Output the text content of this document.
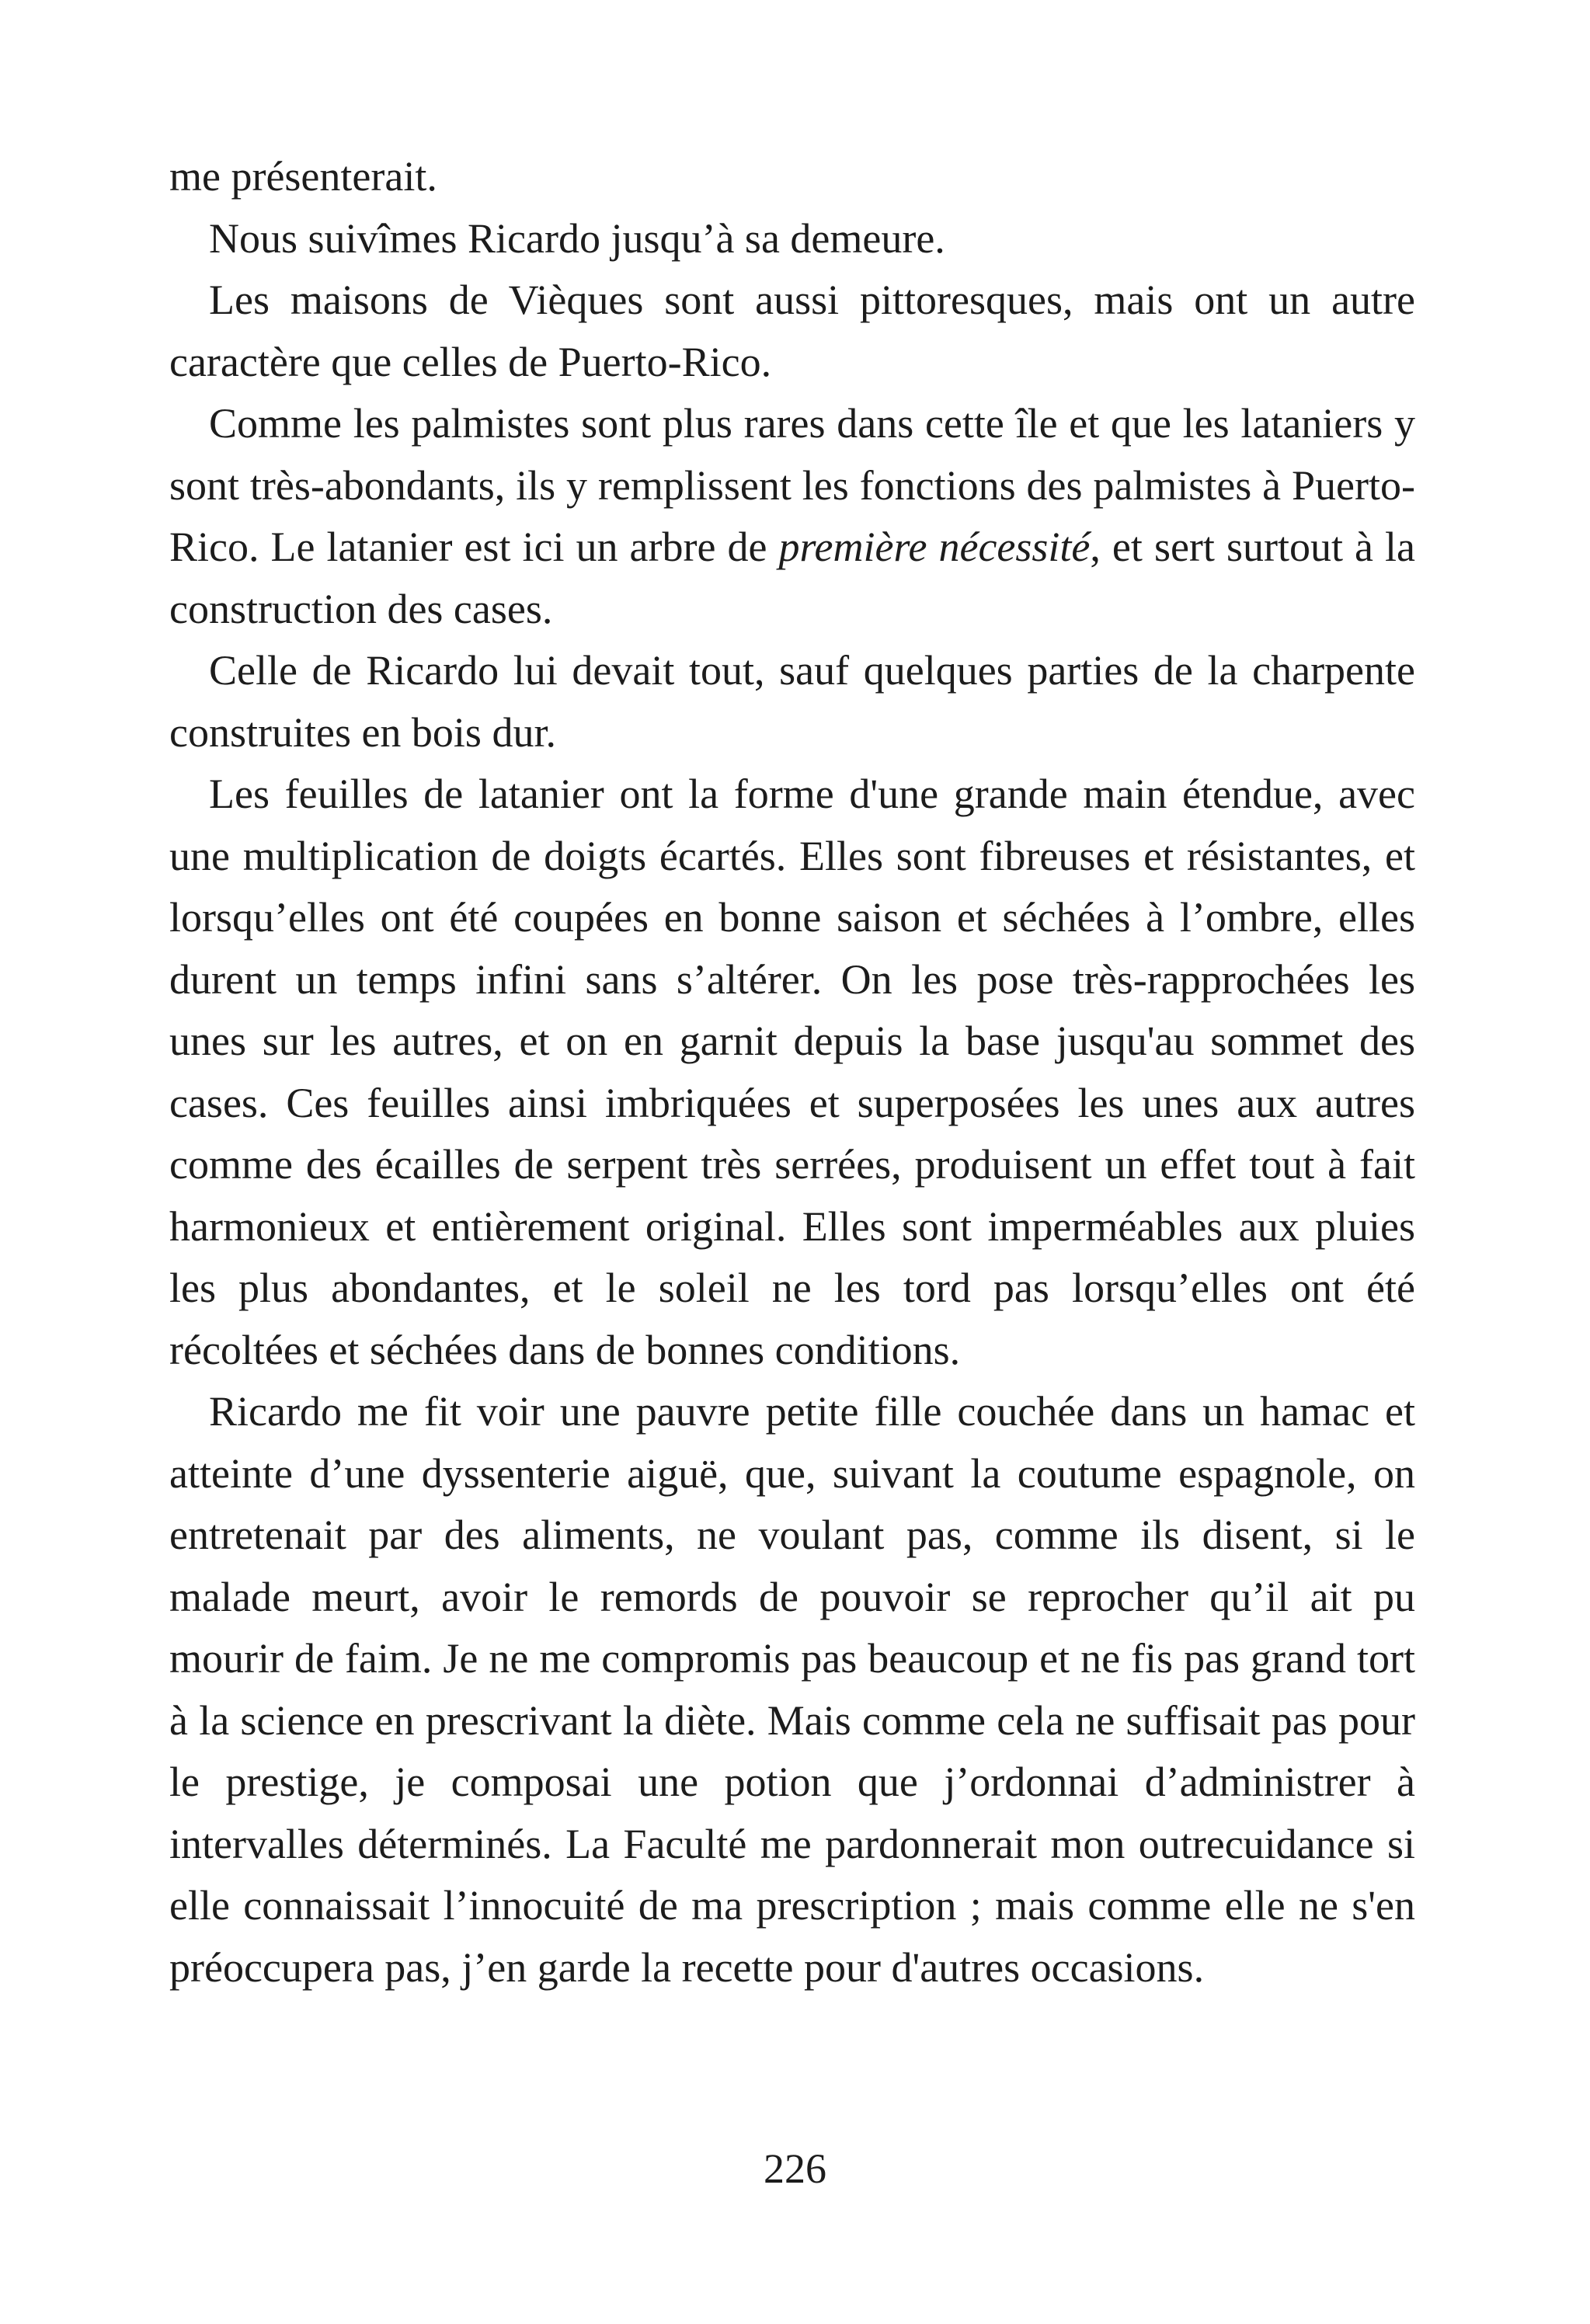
me présenterait.

Nous suivîmes Ricardo jusqu’à sa demeure.

Les maisons de Vièques sont aussi pittoresques, mais ont un autre caractère que celles de Puerto-Rico.

Comme les palmistes sont plus rares dans cette île et que les lataniers y sont très-abondants, ils y remplissent les fonctions des palmistes à Puerto-Rico. Le latanier est ici un arbre de première nécessité, et sert surtout à la construction des cases.

Celle de Ricardo lui devait tout, sauf quelques parties de la charpente construites en bois dur.

Les feuilles de latanier ont la forme d'une grande main étendue, avec une multiplication de doigts écartés. Elles sont fibreuses et résistantes, et lorsqu’elles ont été coupées en bonne saison et séchées à l’ombre, elles durent un temps infini sans s’altérer. On les pose très-rapprochées les unes sur les autres, et on en garnit depuis la base jusqu'au sommet des cases. Ces feuilles ainsi imbriquées et superposées les unes aux autres comme des écailles de serpent très serrées, produisent un effet tout à fait harmonieux et entièrement original. Elles sont imperméables aux pluies les plus abondantes, et le soleil ne les tord pas lorsqu’elles ont été récoltées et séchées dans de bonnes conditions.

Ricardo me fit voir une pauvre petite fille couchée dans un hamac et atteinte d’une dyssenterie aiguë, que, suivant la coutume espagnole, on entretenait par des aliments, ne voulant pas, comme ils disent, si le malade meurt, avoir le remords de pouvoir se reprocher qu’il ait pu mourir de faim. Je ne me compromis pas beaucoup et ne fis pas grand tort à la science en prescrivant la diète. Mais comme cela ne suffisait pas pour le prestige, je composai une potion que j’ordonnai d’administrer à intervalles déterminés. La Faculté me pardonnerait mon outrecuidance si elle connaissait l’innocuité de ma prescription ; mais comme elle ne s'en préoccupera pas, j’en garde la recette pour d'autres occasions.

226
